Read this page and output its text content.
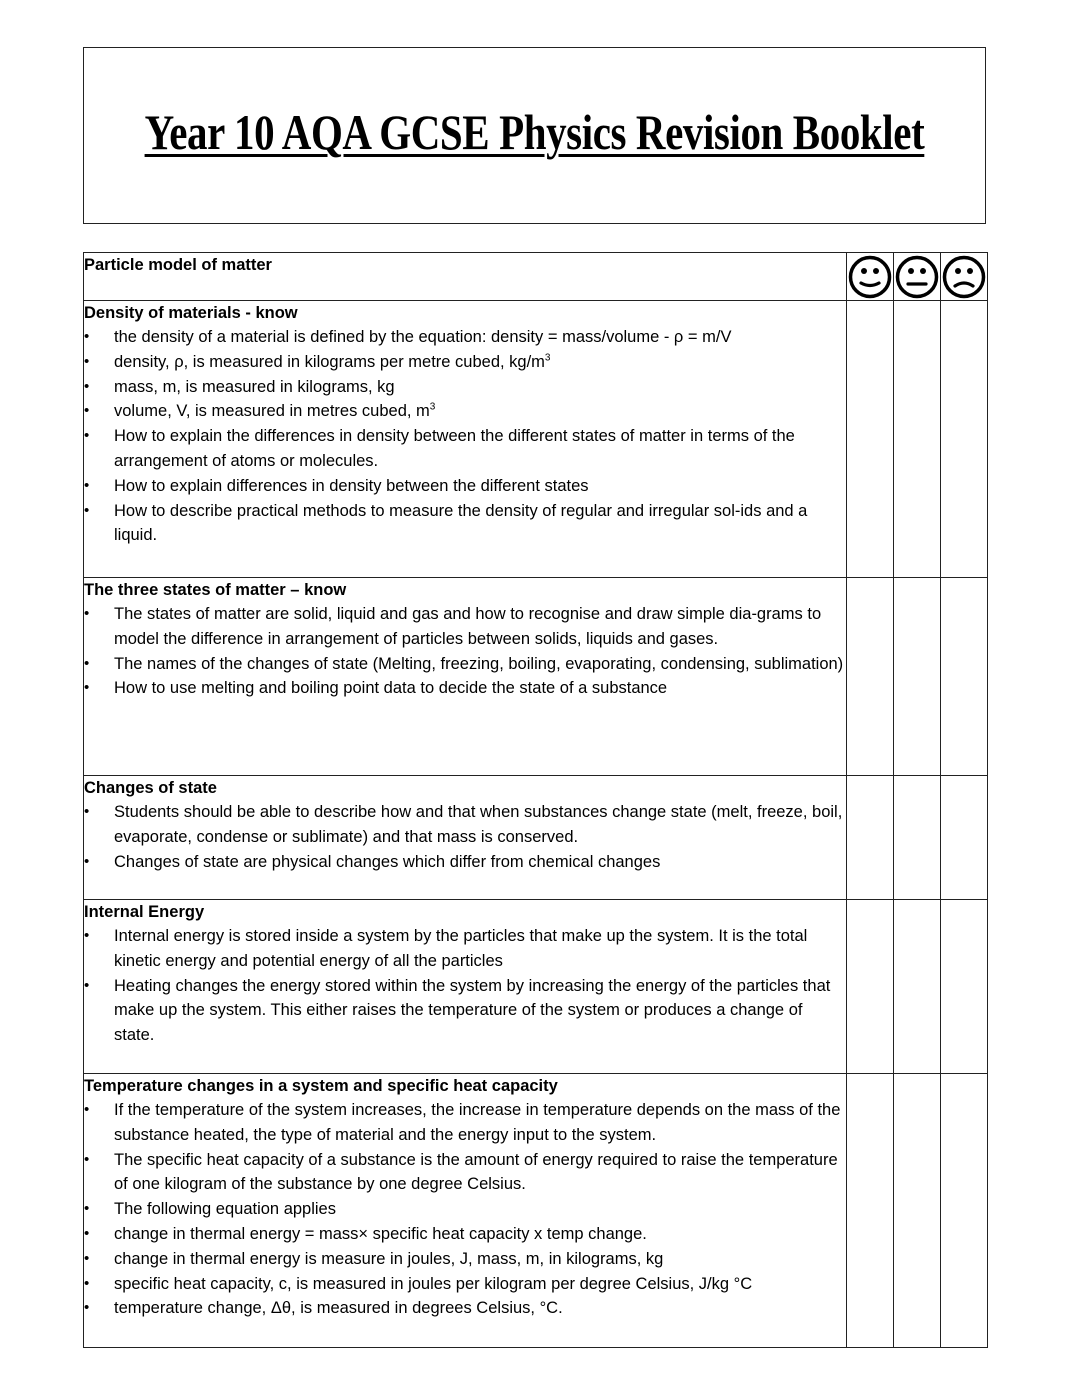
Year 10 AQA GCSE Physics Revision Booklet
Particle model of matter

Density of materials - know
• the density of a material is defined by the equation: density = mass/volume - ρ = m/V
• density, ρ, is measured in kilograms per metre cubed, $kg/m^3$
• mass, m, is measured in kilograms, kg
• volume, V, is measured in metres cubed, $m^3$
• How to explain the differences in density between the different states of matter in terms of the arrangement of atoms or molecules.
• How to explain differences in density between the different states
• How to describe practical methods to measure the density of regular and irregular sol-ids and a liquid.

The three states of matter – know
• The states of matter are solid, liquid and gas and how to recognise and draw simple dia-grams to model the difference in arrangement of particles between solids, liquids and gases.
• The names of the changes of state (Melting, freezing, boiling, evaporating, condensing, sublimation)
• How to use melting and boiling point data to decide the state of a substance

Changes of state
• Students should be able to describe how and that when substances change state (melt, freeze, boil, evaporate, condense or sublimate) and that mass is conserved.
• Changes of state are physical changes which differ from chemical changes

Internal Energy
• Internal energy is stored inside a system by the particles that make up the system. It is the total kinetic energy and potential energy of all the particles
• Heating changes the energy stored within the system by increasing the energy of the particles that make up the system. This either raises the temperature of the system or produces a change of state.

Temperature changes in a system and specific heat capacity
• If the temperature of the system increases, the increase in temperature depends on the mass of the substance heated, the type of material and the energy input to the system.
• The specific heat capacity of a substance is the amount of energy required to raise the temperature of one kilogram of the substance by one degree Celsius.
• The following equation applies
• change in thermal energy = mass× specific heat capacity x temp change.
• change in thermal energy is measure in joules, J, mass, m, in kilograms, kg
• specific heat capacity, c, is measured in joules per kilogram per degree Celsius, J/kg °C
• temperature change, Δθ, is measured in degrees Celsius, °C.
